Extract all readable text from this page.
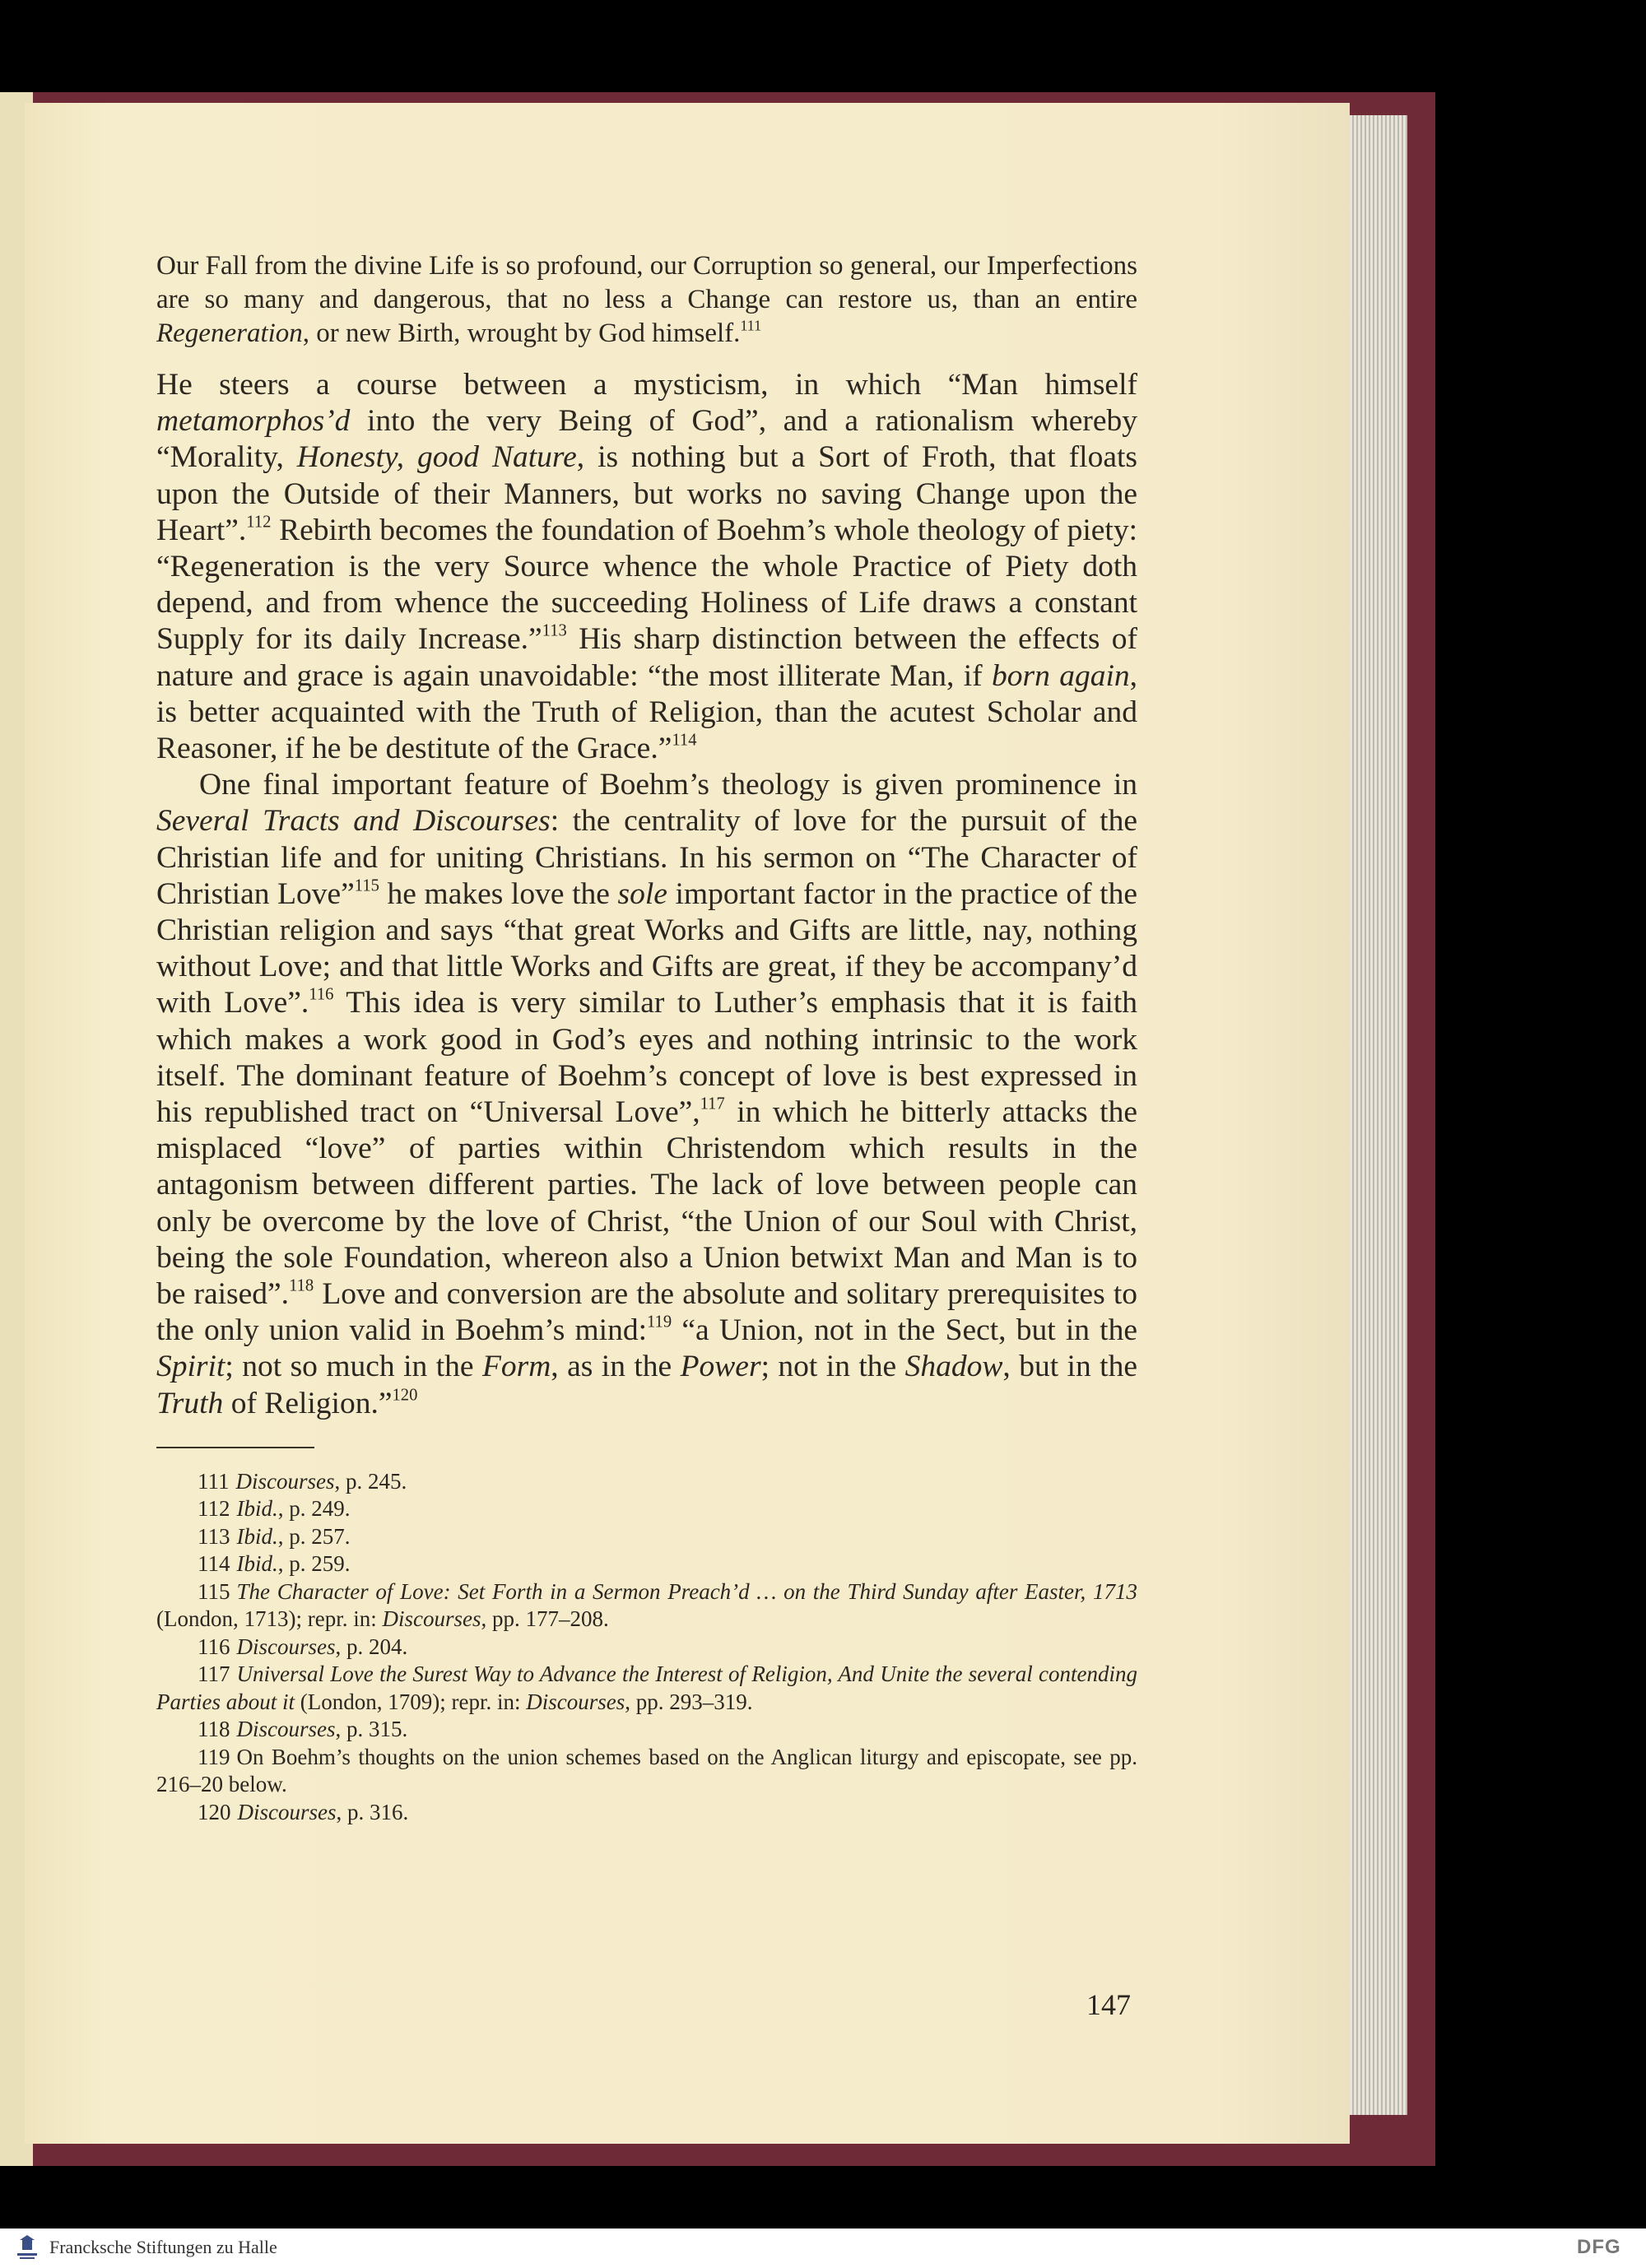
Our Fall from the divine Life is so profound, our Corruption so general, our Imperfections are so many and dangerous, that no less a Change can restore us, than an entire Regeneration, or new Birth, wrought by God himself.$^{111}$

He steers a course between a mysticism, in which “Man himself metamorphos’d into the very Being of God”, and a rationalism whereby “Morality, Honesty, good Nature, is nothing but a Sort of Froth, that floats upon the Outside of their Manners, but works no saving Change upon the Heart”.$^{112}$ Rebirth becomes the foundation of Boehm’s whole theology of piety: “Regeneration is the very Source whence the whole Practice of Piety doth depend, and from whence the succeeding Holiness of Life draws a constant Supply for its daily Increase.”$^{113}$ His sharp distinction between the effects of nature and grace is again unavoidable: “the most illiterate Man, if born again, is better acquainted with the Truth of Religion, than the acutest Scholar and Reasoner, if he be destitute of the Grace.”$^{114}$

One final important feature of Boehm’s theology is given prominence in Several Tracts and Discourses: the centrality of love for the pursuit of the Christian life and for uniting Christians. In his sermon on “The Character of Christian Love”$^{115}$ he makes love the sole important factor in the practice of the Christian religion and says “that great Works and Gifts are little, nay, nothing without Love; and that little Works and Gifts are great, if they be accompany’d with Love”.$^{116}$ This idea is very similar to Luther’s emphasis that it is faith which makes a work good in God’s eyes and nothing intrinsic to the work itself. The dominant feature of Boehm’s concept of love is best expressed in his republished tract on “Universal Love”,$^{117}$ in which he bitterly attacks the misplaced “love” of parties within Christendom which results in the antagonism between different parties. The lack of love between people can only be overcome by the love of Christ, “the Union of our Soul with Christ, being the sole Foundation, whereon also a Union betwixt Man and Man is to be raised”.$^{118}$ Love and conversion are the absolute and solitary prerequisites to the only union valid in Boehm’s mind:$^{119}$ “a Union, not in the Sect, but in the Spirit; not so much in the Form, as in the Power; not in the Shadow, but in the Truth of Religion.”$^{120}$

111 Discourses, p. 245.

112 Ibid., p. 249.

113 Ibid., p. 257.

114 Ibid., p. 259.

115 The Character of Love: Set Forth in a Sermon Preach’d … on the Third Sunday after Easter, 1713 (London, 1713); repr. in: Discourses, pp. 177–208.

116 Discourses, p. 204.

117 Universal Love the Surest Way to Advance the Interest of Religion, And Unite the several contending Parties about it (London, 1709); repr. in: Discourses, pp. 293–319.

118 Discourses, p. 315.

119 On Boehm’s thoughts on the union schemes based on the Anglican liturgy and episcopate, see pp. 216–20 below.

120 Discourses, p. 316.

147
Francksche Stiftungen zu Halle	DFG
